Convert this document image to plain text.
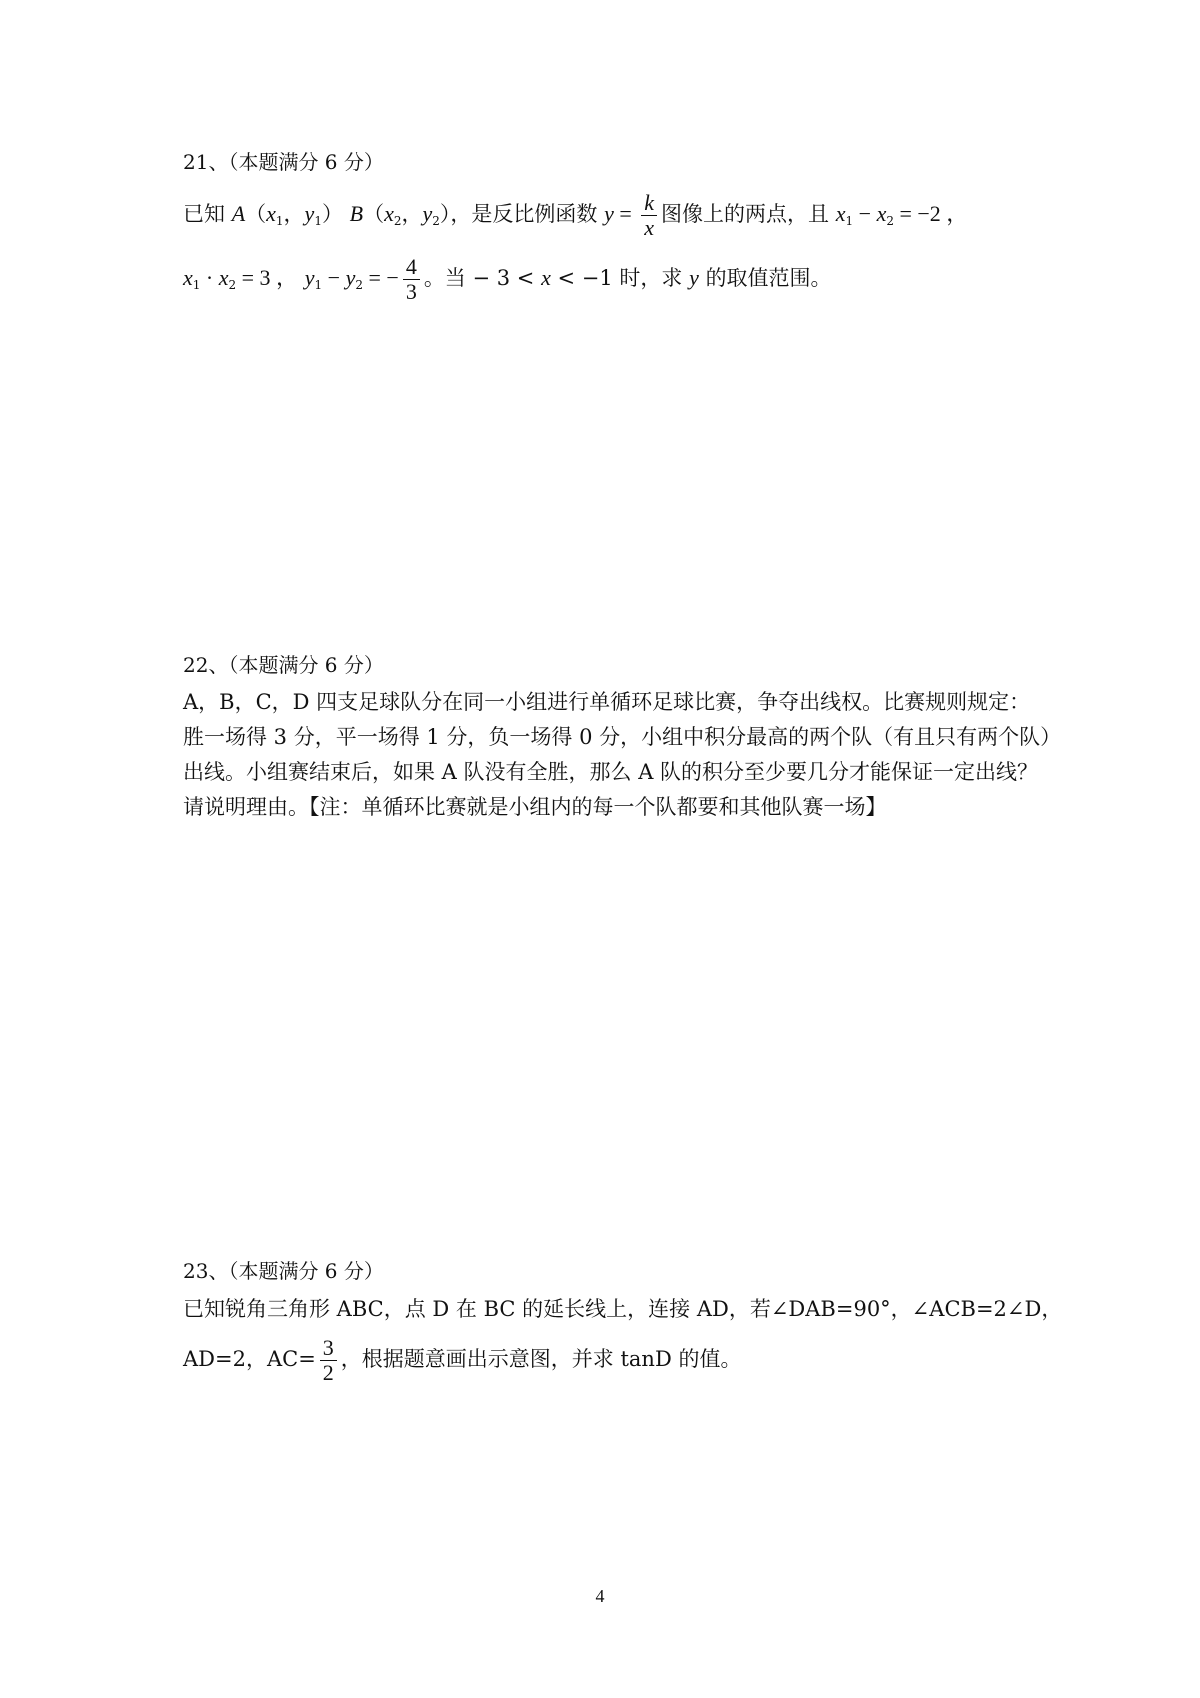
21、（本题满分 6 分）
已知 $A(x_1$，$y_1$） $B(x_2$，$y_2$），是反比例函数 $y = \frac{k}{x}$ 图像上的两点，且 $x_1 - x_2 = -2$ ，
$x_1 \cdot x_2 = 3$ ， $y_1 - y_2$ = − $\frac{4}{3}$ 。当 − 3 < x < −1 时，求 y 的取值范围。
22、（本题满分 6 分）
A，B，C，D 四支足球队分在同一小组进行单循环足球比赛，争夺出线权。比赛规则规定：
胜一场得 3 分，平一场得 1 分，负一场得 0 分，小组中积分最高的两个队（有且只有两个队）
出线。小组赛结束后，如果 A 队没有全胜，那么 A 队的积分至少要几分才能保证一定出线？
请说明理由。【注：单循环比赛就是小组内的每一个队都要和其他队赛一场】
23、（本题满分 6 分）
已知锐角三角形 ABC，点 D 在 BC 的延长线上，连接 AD，若∠DAB=90°，∠ACB=2∠D，
AD=2，$AC= \frac{3}{2}$ ，根据题意画出示意图，并求 tanD 的值。
4
